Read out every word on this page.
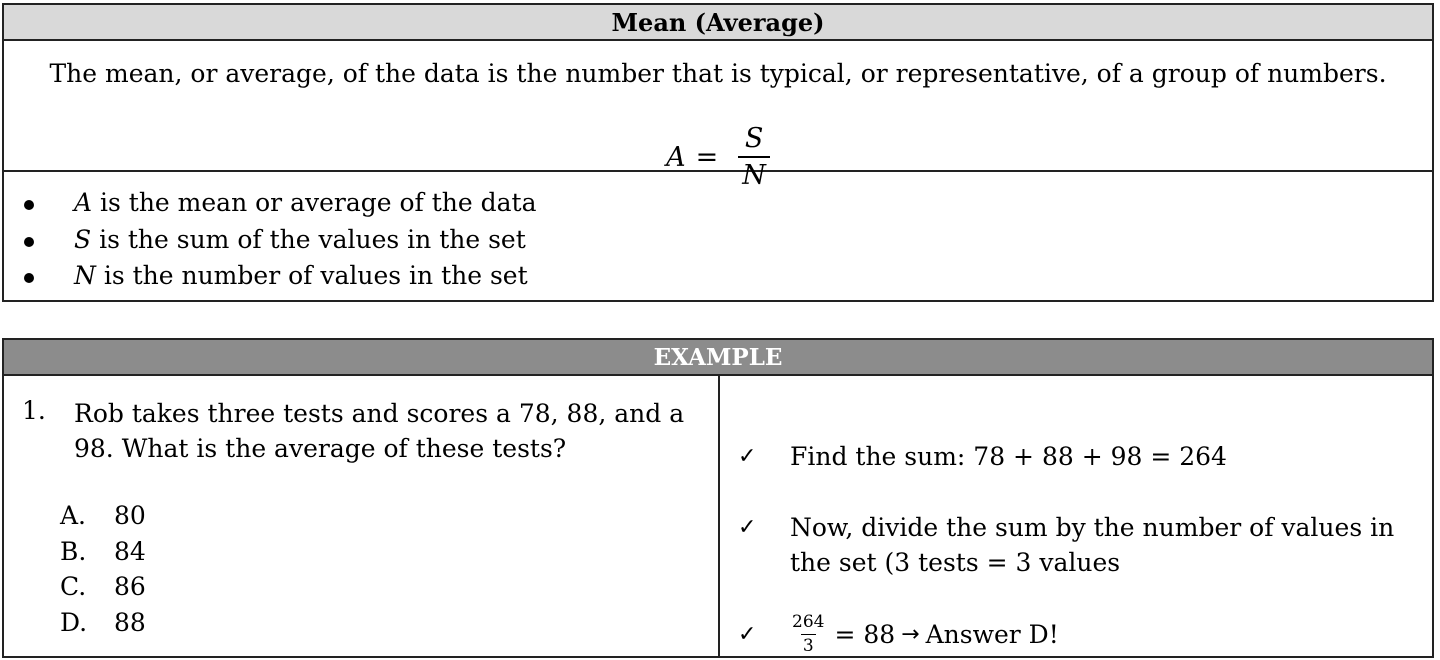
Mean (Average)

The mean, or average, of the data is the number that is typical, or representative, of a group of numbers.

$A = \frac{S}{N}$
A is the mean or average of the data
S is the sum of the values in the set
N is the number of values in the set
EXAMPLE
1. Rob takes three tests and scores a 78, 88, and a 98. What is the average of these tests?
A.	80
B.	84
C.	86
D.	88
✓	Find the sum: 78 + 88 + 98 = 264
✓	Now, divide the sum by the number of values in the set (3 tests = 3 values
✓	$\frac{264}{3} = 88$ → Answer D!
